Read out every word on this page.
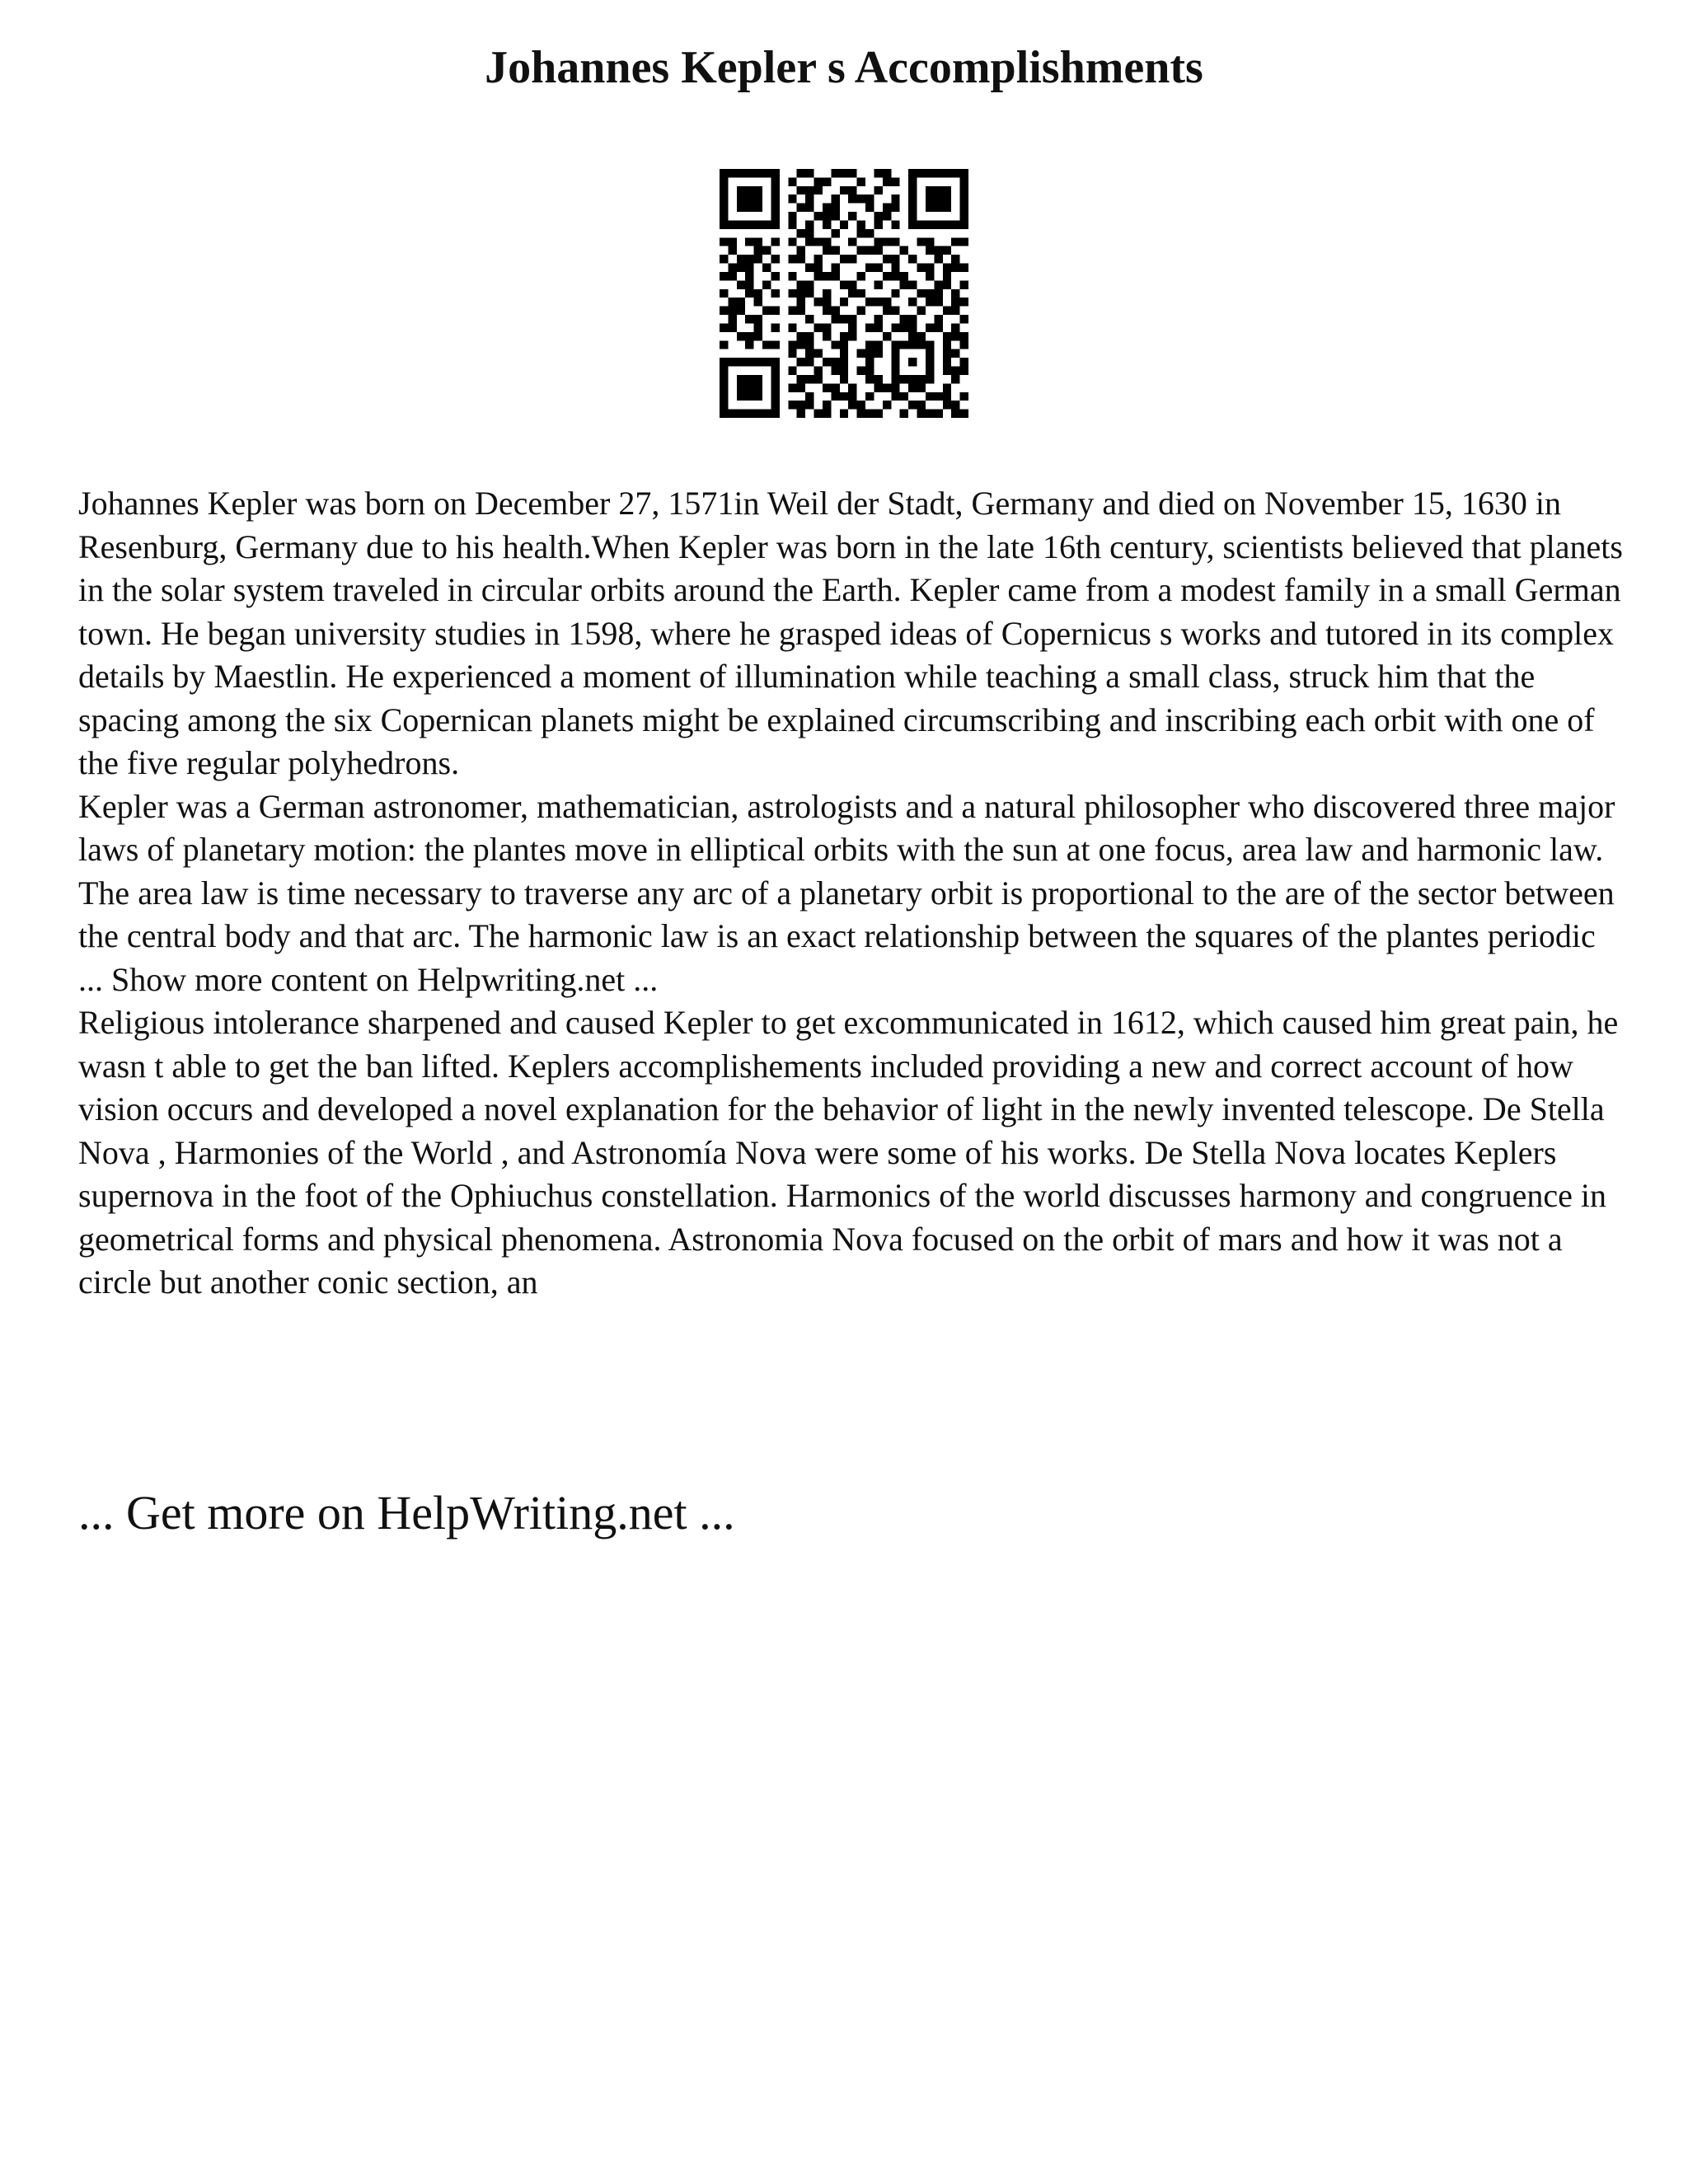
Johannes Kepler s Accomplishments

Johannes Kepler was born on December 27, 1571in Weil der Stadt, Germany and died on November 15, 1630 in Resenburg, Germany due to his health.When Kepler was born in the late 16th century, scientists believed that planets in the solar system traveled in circular orbits around the Earth. Kepler came from a modest family in a small German town. He began university studies in 1598, where he grasped ideas of Copernicus s works and tutored in its complex details by Maestlin. He experienced a moment of illumination while teaching a small class, struck him that the spacing among the six Copernican planets might be explained circumscribing and inscribing each orbit with one of the five regular polyhedrons.

Kepler was a German astronomer, mathematician, astrologists and a natural philosopher who discovered three major laws of planetary motion: the plantes move in elliptical orbits with the sun at one focus, area law and harmonic law. The area law is time necessary to traverse any arc of a planetary orbit is proportional to the are of the sector between the central body and that arc. The harmonic law is an exact relationship between the squares of the plantes periodic ... Show more content on Helpwriting.net ...

Religious intolerance sharpened and caused Kepler to get excommunicated in 1612, which caused him great pain, he wasn t able to get the ban lifted. Keplers accomplishements included providing a new and correct account of how vision occurs and developed a novel explanation for the behavior of light in the newly invented telescope. De Stella Nova , Harmonies of the World , and Astronomía Nova were some of his works. De Stella Nova locates Keplers supernova in the foot of the Ophiuchus constellation. Harmonics of the world discusses harmony and congruence in geometrical forms and physical phenomena. Astronomia Nova focused on the orbit of mars and how it was not a circle but another conic section, an

... Get more on HelpWriting.net ...
